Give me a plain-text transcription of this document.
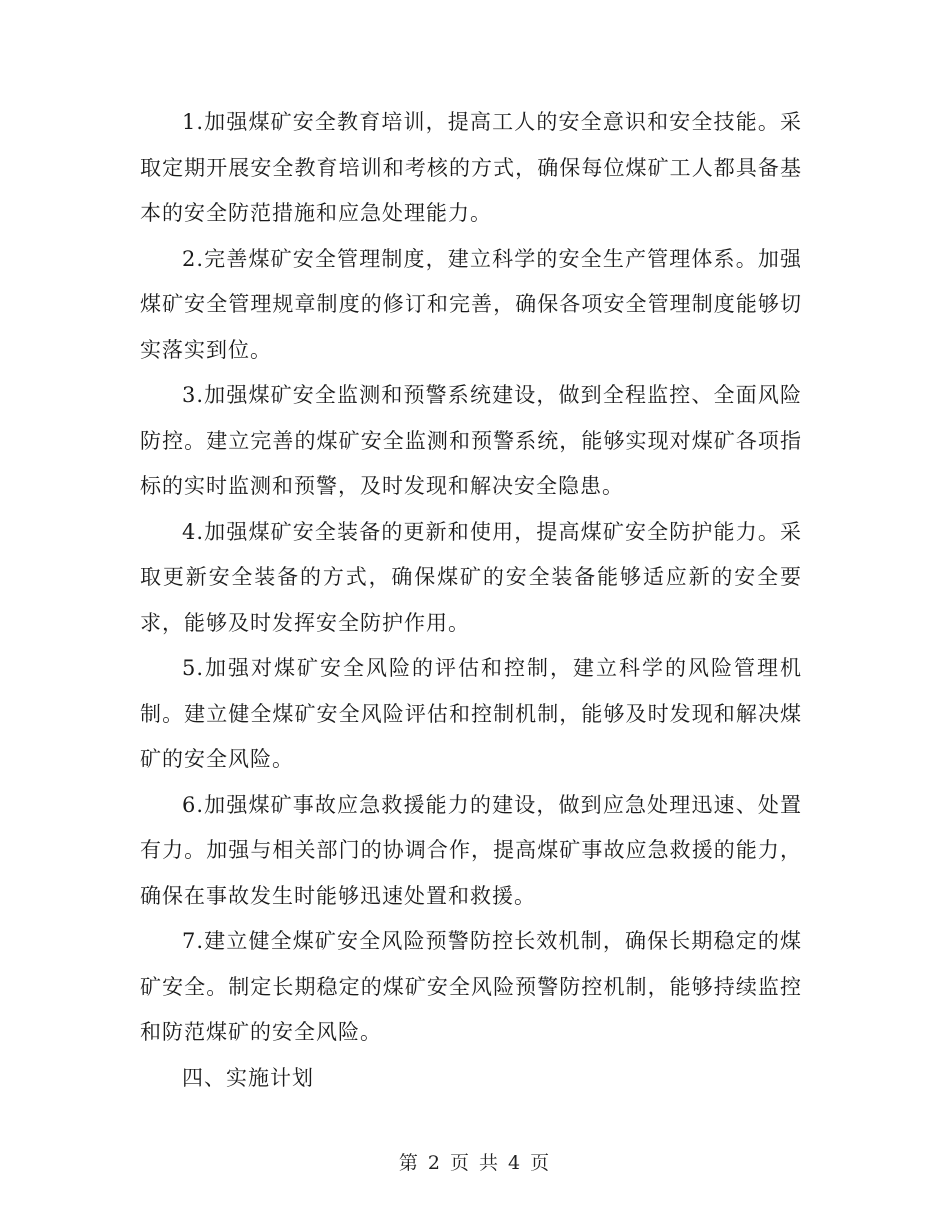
1.加强煤矿安全教育培训，提高工人的安全意识和安全技能。采取定期开展安全教育培训和考核的方式，确保每位煤矿工人都具备基本的安全防范措施和应急处理能力。

2.完善煤矿安全管理制度，建立科学的安全生产管理体系。加强煤矿安全管理规章制度的修订和完善，确保各项安全管理制度能够切实落实到位。

3.加强煤矿安全监测和预警系统建设，做到全程监控、全面风险防控。建立完善的煤矿安全监测和预警系统，能够实现对煤矿各项指标的实时监测和预警，及时发现和解决安全隐患。

4.加强煤矿安全装备的更新和使用，提高煤矿安全防护能力。采取更新安全装备的方式，确保煤矿的安全装备能够适应新的安全要求，能够及时发挥安全防护作用。

5.加强对煤矿安全风险的评估和控制，建立科学的风险管理机制。建立健全煤矿安全风险评估和控制机制，能够及时发现和解决煤矿的安全风险。

6.加强煤矿事故应急救援能力的建设，做到应急处理迅速、处置有力。加强与相关部门的协调合作，提高煤矿事故应急救援的能力，确保在事故发生时能够迅速处置和救援。

7.建立健全煤矿安全风险预警防控长效机制，确保长期稳定的煤矿安全。制定长期稳定的煤矿安全风险预警防控机制，能够持续监控和防范煤矿的安全风险。

四、实施计划

第 2 页 共 4 页
